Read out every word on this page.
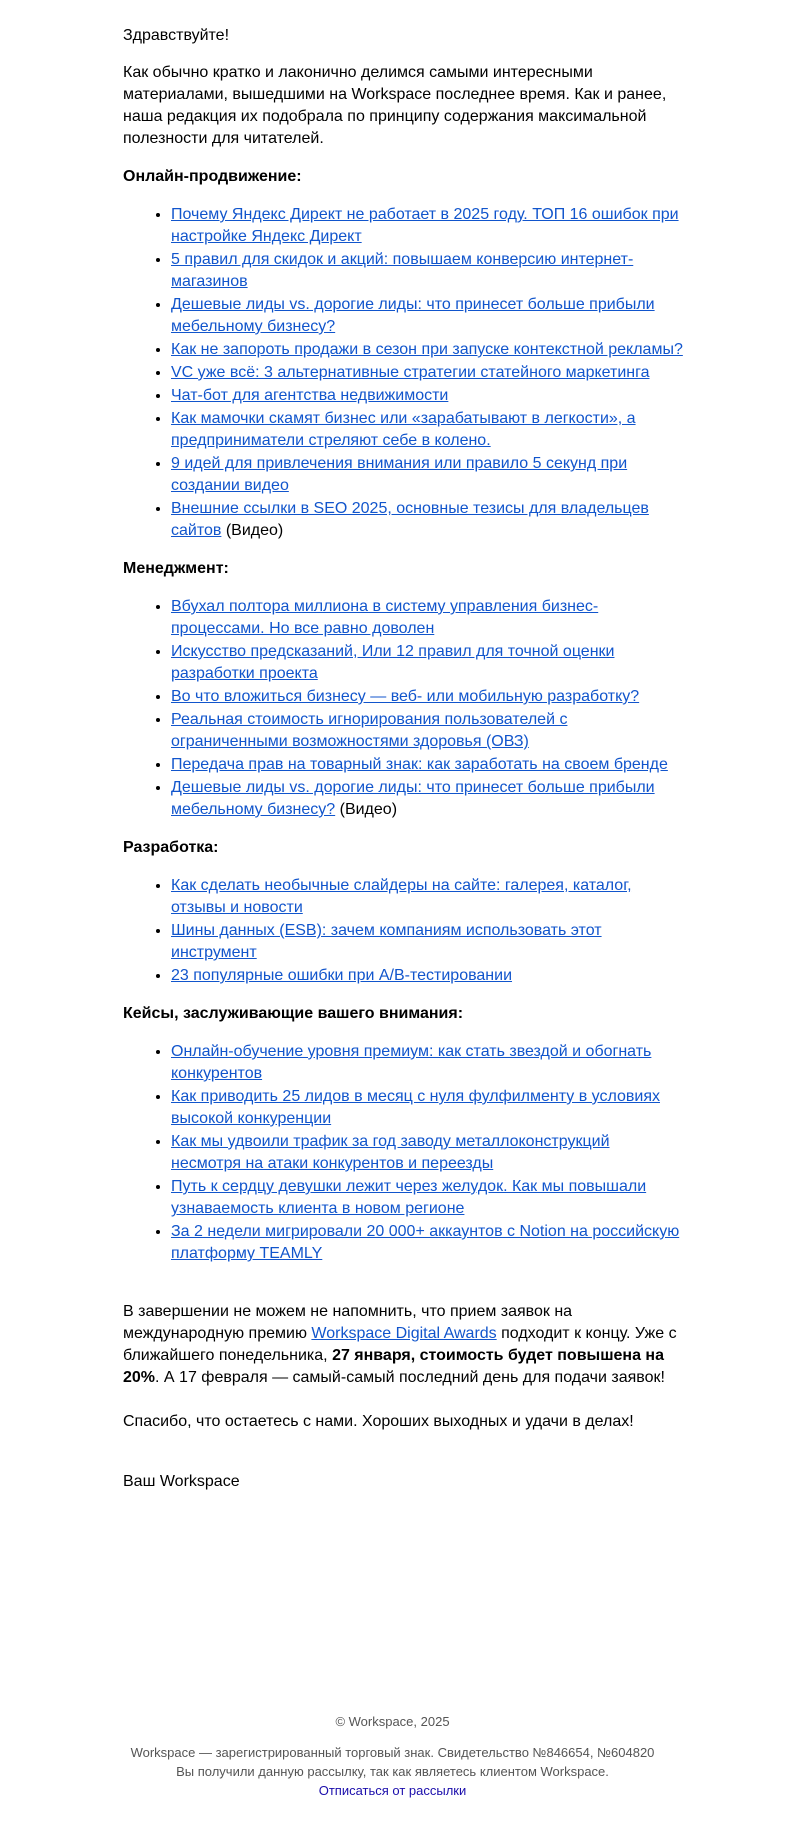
Здравствуйте!

Как обычно кратко и лаконично делимся самыми интересными материалами, вышедшими на Workspace последнее время. Как и ранее, наша редакция их подобрала по принципу содержания максимальной полезности для читателей.

Онлайн-продвижение:

• Почему Яндекс Директ не работает в 2025 году. ТОП 16 ошибок при настройке Яндекс Директ
• 5 правил для скидок и акций: повышаем конверсию интернет-магазинов
• Дешевые лиды vs. дорогие лиды: что принесет больше прибыли мебельному бизнесу?
• Как не запороть продажи в сезон при запуске контекстной рекламы?
• VC уже всё: 3 альтернативные стратегии статейного маркетинга
• Чат-бот для агентства недвижимости
• Как мамочки скамят бизнес или «зарабатывают в легкости», а предприниматели стреляют себе в колено.
• 9 идей для привлечения внимания или правило 5 секунд при создании видео
• Внешние ссылки в SEO 2025, основные тезисы для владельцев сайтов (Видео)

Менеджмент:

• Вбухал полтора миллиона в систему управления бизнес-процессами. Но все равно доволен
• Искусство предсказаний, Или 12 правил для точной оценки разработки проекта
• Во что вложиться бизнесу — веб- или мобильную разработку?
• Реальная стоимость игнорирования пользователей с ограниченными возможностями здоровья (ОВЗ)
• Передача прав на товарный знак: как заработать на своем бренде
• Дешевые лиды vs. дорогие лиды: что принесет больше прибыли мебельному бизнесу? (Видео)

Разработка:

• Как сделать необычные слайдеры на сайте: галерея, каталог, отзывы и новости
• Шины данных (ESB): зачем компаниям использовать этот инструмент
• 23 популярные ошибки при A/B-тестировании

Кейсы, заслуживающие вашего внимания:

• Онлайн-обучение уровня премиум: как стать звездой и обогнать конкурентов
• Как приводить 25 лидов в месяц с нуля фулфилменту в условиях высокой конкуренции
• Как мы удвоили трафик за год заводу металлоконструкций несмотря на атаки конкурентов и переезды
• Путь к сердцу девушки лежит через желудок. Как мы повышали узнаваемость клиента в новом регионе
• За 2 недели мигрировали 20 000+ аккаунтов с Notion на российскую платформу TEAMLY

В завершении не можем не напомнить, что прием заявок на международную премию Workspace Digital Awards подходит к концу. Уже с ближайшего понедельника, 27 января, стоимость будет повышена на 20%. А 17 февраля — самый-самый последний день для подачи заявок!

Спасибо, что остаетесь с нами. Хороших выходных и удачи в делах!

Ваш Workspace

© Workspace, 2025
Workspace — зарегистрированный торговый знак. Свидетельство №846654, №604820
Вы получили данную рассылку, так как являетесь клиентом Workspace.
Отписаться от рассылки
